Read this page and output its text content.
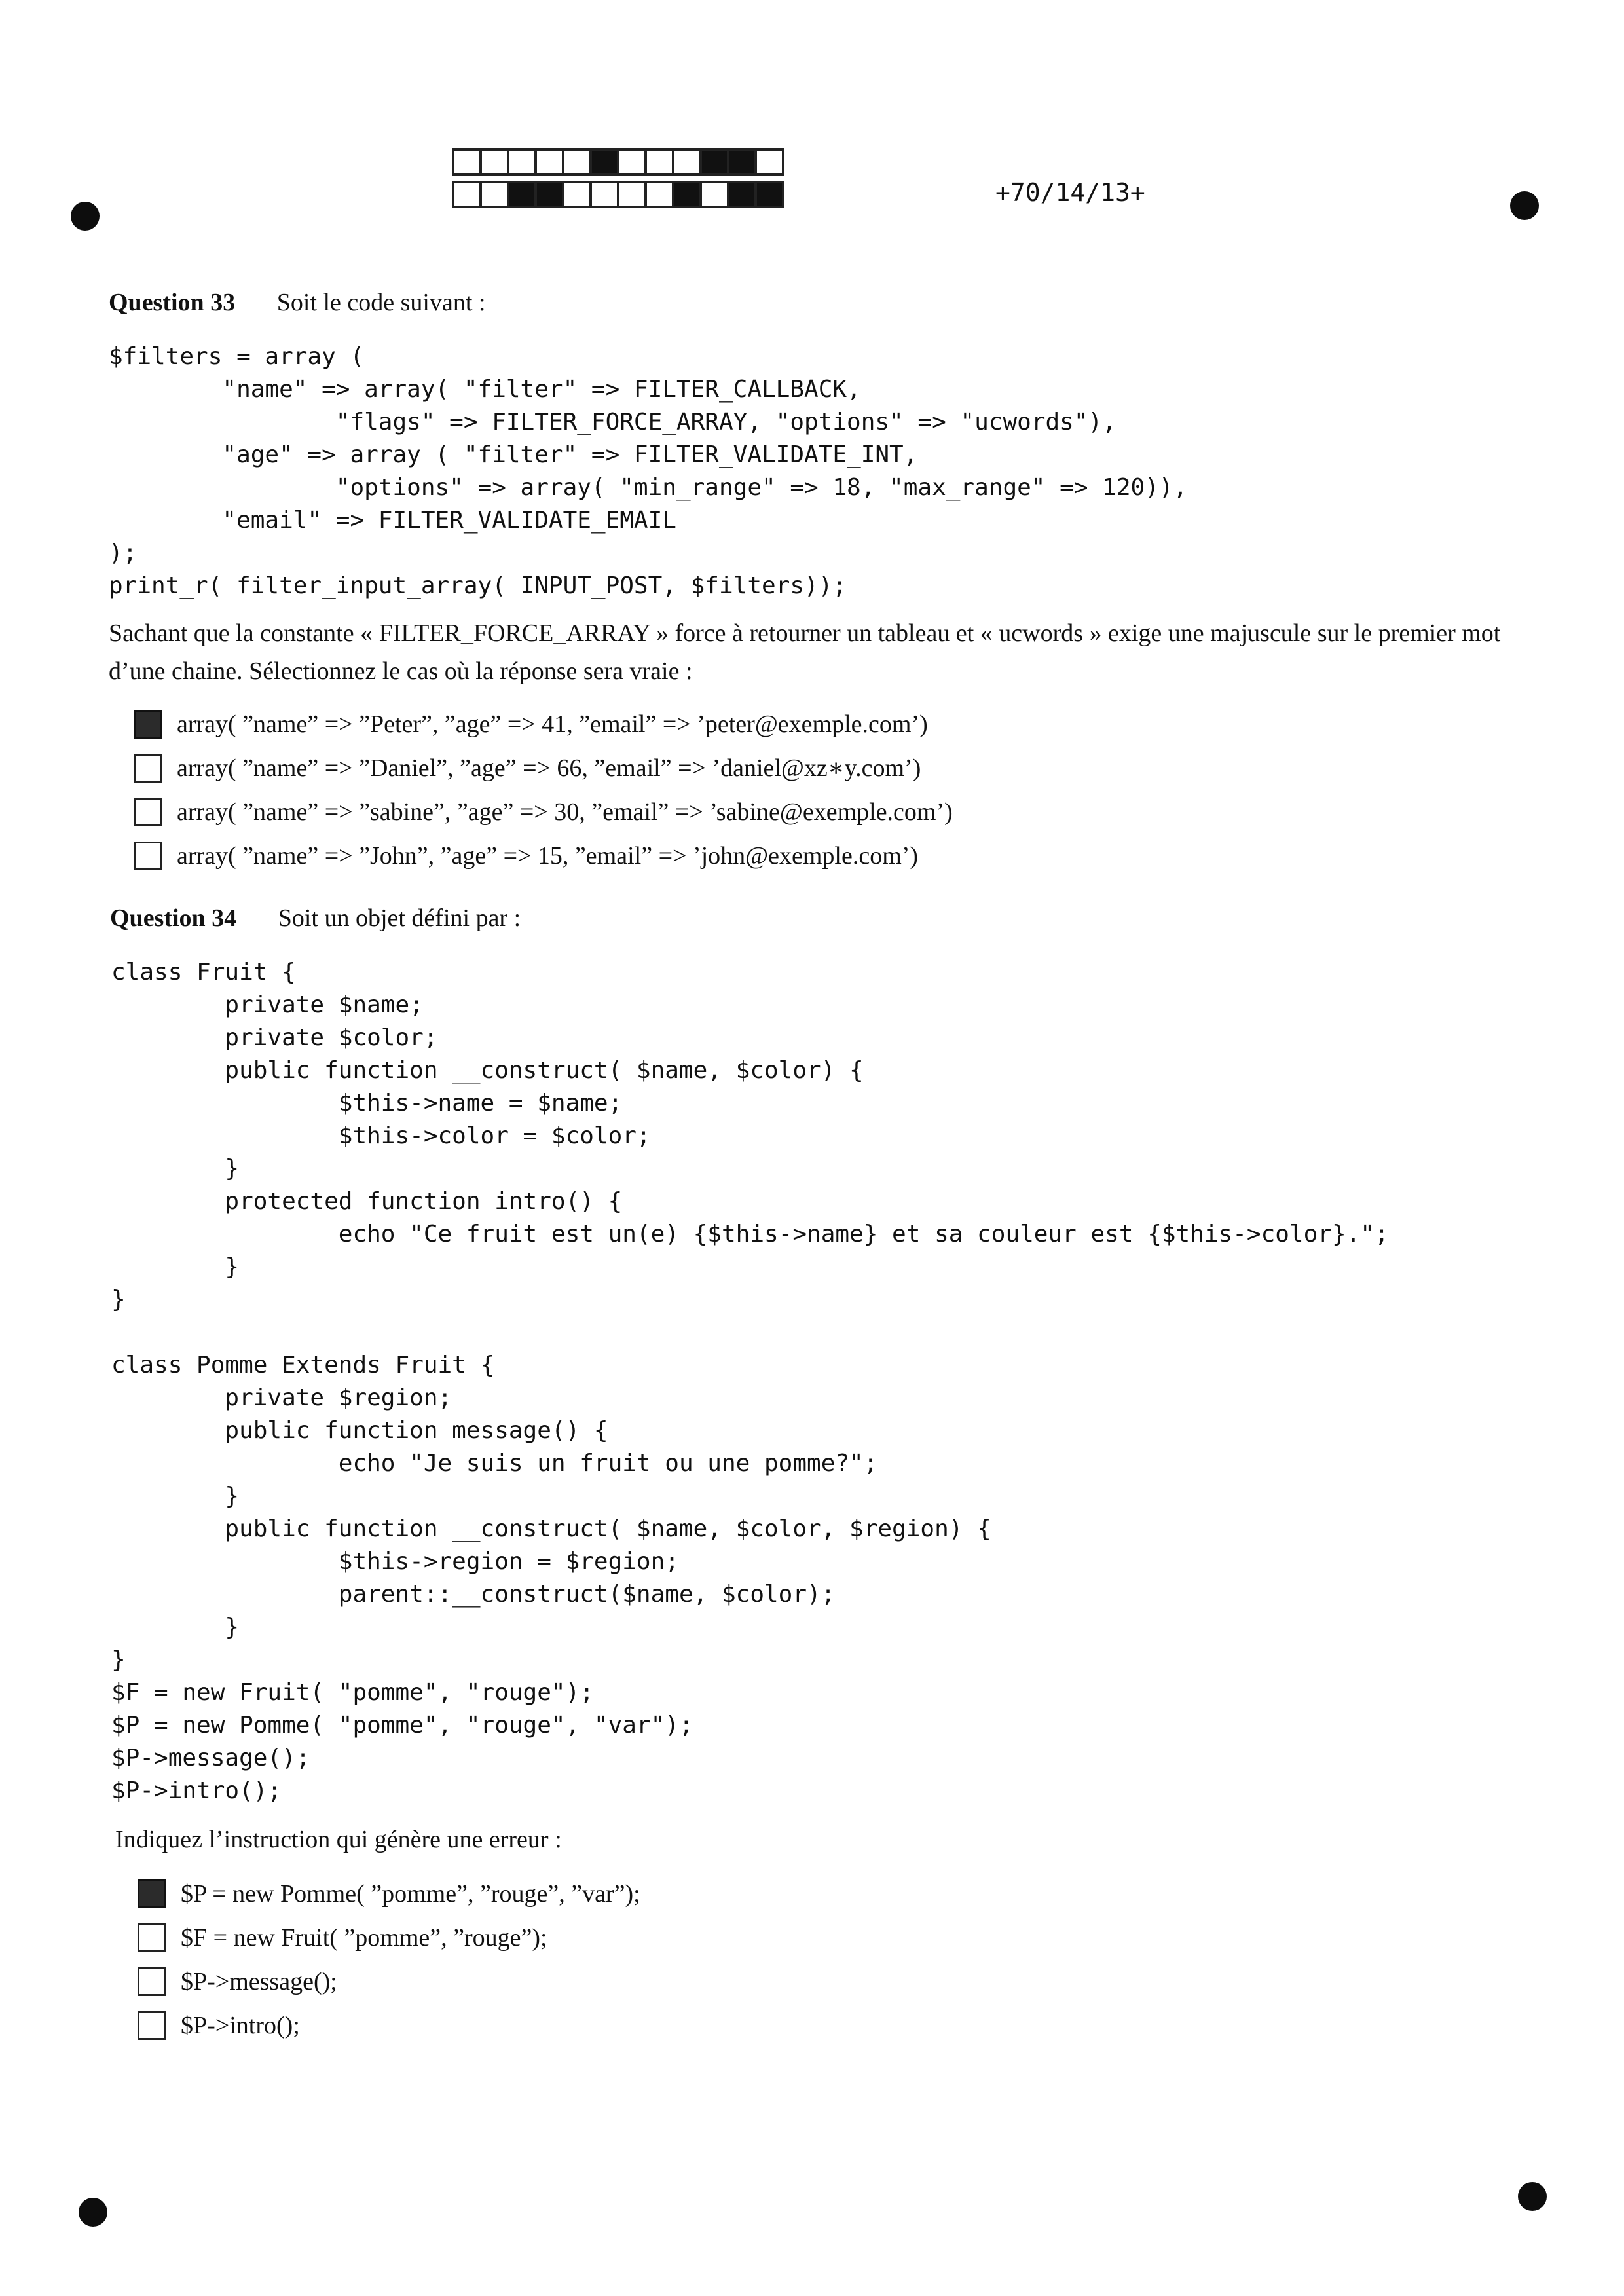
+70/14/13+
Question 33 Soit le code suivant :
$filters = array (
"name" => array( "filter" => FILTER_CALLBACK,
"flags" => FILTER_FORCE_ARRAY, "options" => "ucwords"),
"age" => array ( "filter" => FILTER_VALIDATE_INT,
"options" => array( "min_range" => 18, "max_range" => 120)),
"email" => FILTER_VALIDATE_EMAIL
);
print_r( filter_input_array( INPUT_POST, $filters));
Sachant que la constante « FILTER_FORCE_ARRAY » force à retourner un tableau et « ucwords » exige une majuscule sur le premier mot d’une chaine. Sélectionnez le cas où la réponse sera vraie :
array( ”name” => ”Peter”, ”age” => 41, ”email” => ’peter@exemple.com’)
array( ”name” => ”Daniel”, ”age” => 66, ”email” => ’daniel@xz∗y.com’)
array( ”name” => ”sabine”, ”age” => 30, ”email” => ’sabine@exemple.com’)
array( ”name” => ”John”, ”age” => 15, ”email” => ’john@exemple.com’)
Question 34 Soit un objet défini par :
class Fruit {
private $name;
private $color;
public function __construct( $name, $color) {
$this->name = $name;
$this->color = $color;
}
protected function intro() {
echo "Ce fruit est un(e) {$this->name} et sa couleur est {$this->color}.";
}
}

class Pomme Extends Fruit {
private $region;
public function message() {
echo "Je suis un fruit ou une pomme?";
}
public function __construct( $name, $color, $region) {
$this->region = $region;
parent::__construct($name, $color);
}
}
$F = new Fruit( "pomme", "rouge");
$P = new Pomme( "pomme", "rouge", "var");
$P->message();
$P->intro();
Indiquez l’instruction qui génère une erreur :
$P = new Pomme( ”pomme”, ”rouge”, ”var”);
$F = new Fruit( ”pomme”, ”rouge”);
$P->message();
$P->intro();
